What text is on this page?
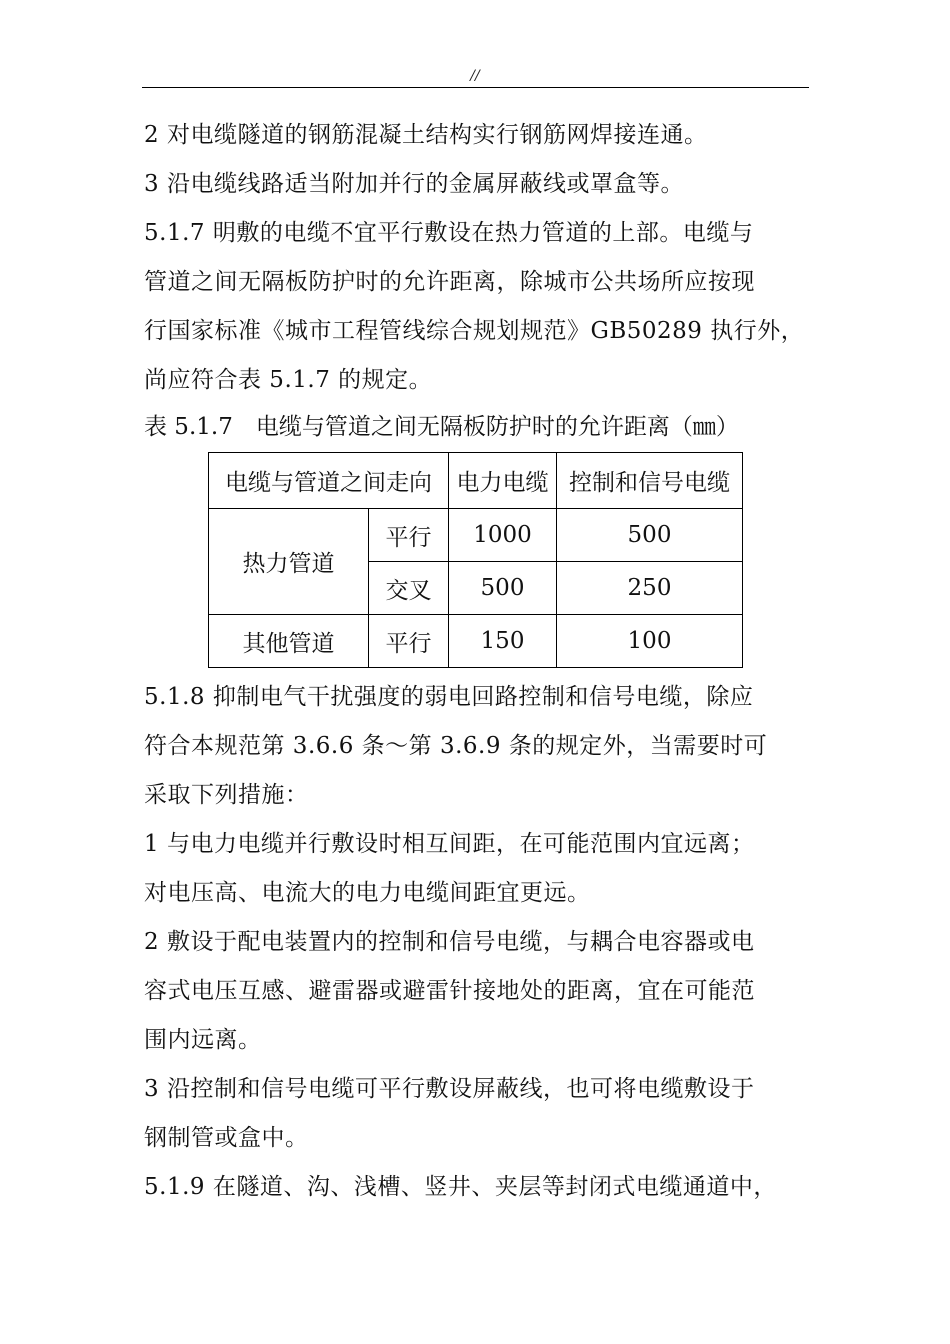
//
2 对电缆隧道的钢筋混凝土结构实行钢筋网焊接连通。
3 沿电缆线路适当附加并行的金属屏蔽线或罩盒等。
5.1.7 明敷的电缆不宜平行敷设在热力管道的上部。电缆与
管道之间无隔板防护时的允许距离，除城市公共场所应按现
行国家标准《城市工程管线综合规划规范》GB50289 执行外，
尚应符合表 5.1.7 的规定。
表 5.1.7　电缆与管道之间无隔板防护时的允许距离（㎜）
电缆与管道之间走向		电力电缆	控制和信号电缆
热力管道	平行	1000	500
	交叉	500	250
其他管道	平行	150	100
5.1.8 抑制电气干扰强度的弱电回路控制和信号电缆，除应
符合本规范第 3.6.6 条～第 3.6.9 条的规定外，当需要时可
采取下列措施：
1 与电力电缆并行敷设时相互间距，在可能范围内宜远离；
对电压高、电流大的电力电缆间距宜更远。
2 敷设于配电装置内的控制和信号电缆，与耦合电容器或电
容式电压互感、避雷器或避雷针接地处的距离，宜在可能范
围内远离。
3 沿控制和信号电缆可平行敷设屏蔽线，也可将电缆敷设于
钢制管或盒中。
5.1.9 在隧道、沟、浅槽、竖井、夹层等封闭式电缆通道中，
